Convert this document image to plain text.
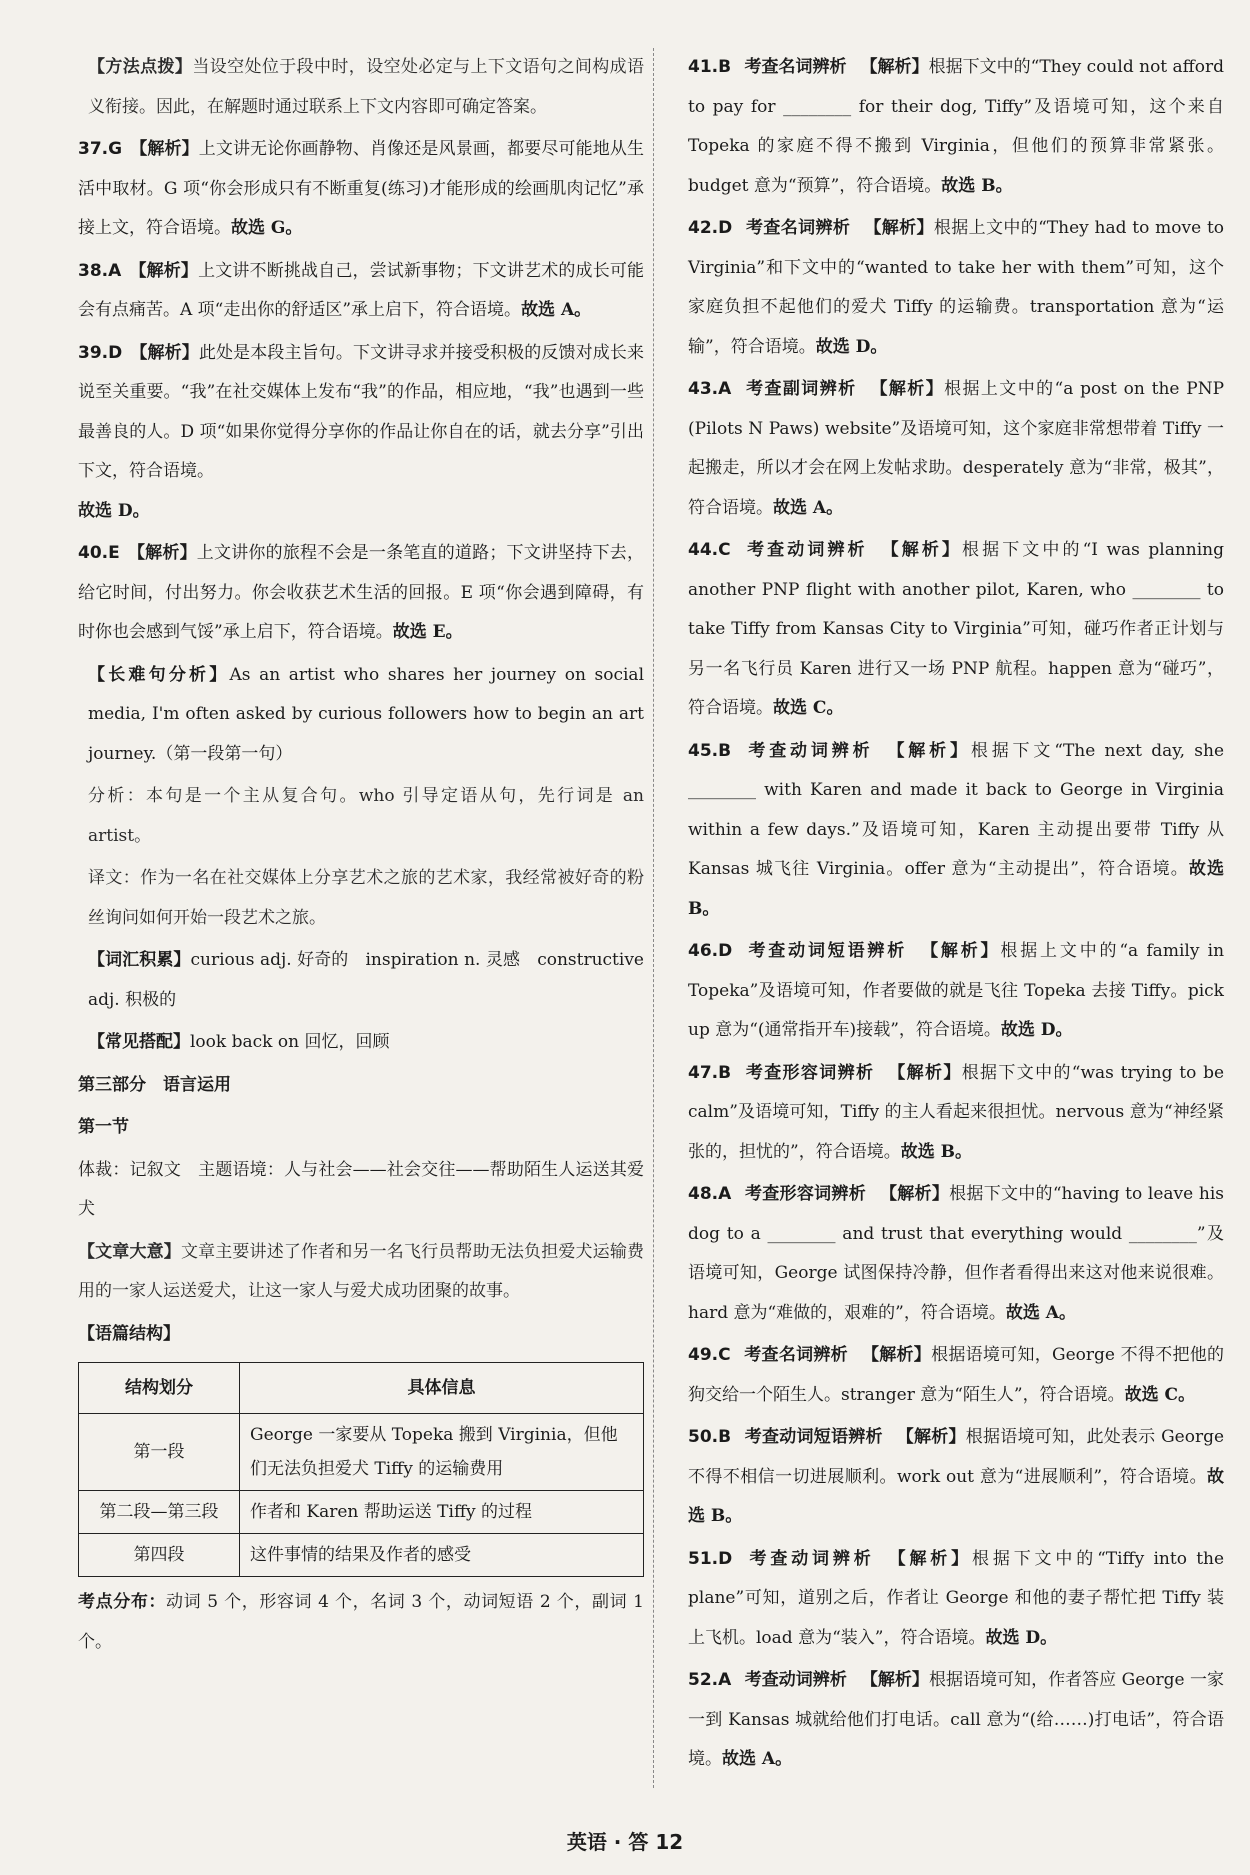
【方法点拨】当设空处位于段中时，设空处必定与上下文语句之间构成语义衔接。因此，在解题时通过联系上下文内容即可确定答案。

37.G 【解析】上文讲无论你画静物、肖像还是风景画，都要尽可能地从生活中取材。G 项“你会形成只有不断重复(练习)才能形成的绘画肌肉记忆”承接上文，符合语境。故选 G。

38.A 【解析】上文讲不断挑战自己，尝试新事物；下文讲艺术的成长可能会有点痛苦。A 项“走出你的舒适区”承上启下，符合语境。故选 A。

39.D 【解析】此处是本段主旨句。下文讲寻求并接受积极的反馈对成长来说至关重要。“我”在社交媒体上发布“我”的作品，相应地，“我”也遇到一些最善良的人。D 项“如果你觉得分享你的作品让你自在的话，就去分享”引出下文，符合语境。
故选 D。

40.E 【解析】上文讲你的旅程不会是一条笔直的道路；下文讲坚持下去，给它时间，付出努力。你会收获艺术生活的回报。E 项“你会遇到障碍，有时你也会感到气馁”承上启下，符合语境。故选 E。

【长难句分析】As an artist who shares her journey on social media, I'm often asked by curious followers how to begin an art journey.（第一段第一句）

分析：本句是一个主从复合句。who 引导定语从句，先行词是 an artist。

译文：作为一名在社交媒体上分享艺术之旅的艺术家，我经常被好奇的粉丝询问如何开始一段艺术之旅。

【词汇积累】curious adj. 好奇的　inspiration n. 灵感　constructive adj. 积极的

【常见搭配】look back on 回忆，回顾

第三部分　语言运用

第一节

体裁：记叙文　主题语境：人与社会——社会交往——帮助陌生人运送其爱犬

【文章大意】文章主要讲述了作者和另一名飞行员帮助无法负担爱犬运输费用的一家人运送爱犬，让这一家人与爱犬成功团聚的故事。

【语篇结构】

结构划分	具体信息
第一段	George 一家要从 Topeka 搬到 Virginia，但他们无法负担爱犬 Tiffy 的运输费用
第二段—第三段	作者和 Karen 帮助运送 Tiffy 的过程
第四段	这件事情的结果及作者的感受

考点分布：动词 5 个，形容词 4 个，名词 3 个，动词短语 2 个，副词 1 个。

41.B 考查名词辨析 【解析】根据下文中的“They could not afford to pay for ________ for their dog, Tiffy”及语境可知，这个来自 Topeka 的家庭不得不搬到 Virginia，但他们的预算非常紧张。budget 意为“预算”，符合语境。故选 B。

42.D 考查名词辨析 【解析】根据上文中的“They had to move to Virginia”和下文中的“wanted to take her with them”可知，这个家庭负担不起他们的爱犬 Tiffy 的运输费。transportation 意为“运输”，符合语境。故选 D。

43.A 考查副词辨析 【解析】根据上文中的“a post on the PNP (Pilots N Paws) website”及语境可知，这个家庭非常想带着 Tiffy 一起搬走，所以才会在网上发帖求助。desperately 意为“非常，极其”，符合语境。故选 A。

44.C 考查动词辨析 【解析】根据下文中的“I was planning another PNP flight with another pilot, Karen, who ________ to take Tiffy from Kansas City to Virginia”可知，碰巧作者正计划与另一名飞行员 Karen 进行又一场 PNP 航程。happen 意为“碰巧”，符合语境。故选 C。

45.B 考查动词辨析 【解析】根据下文“The next day, she ________ with Karen and made it back to George in Virginia within a few days.”及语境可知，Karen 主动提出要带 Tiffy 从 Kansas 城飞往 Virginia。offer 意为“主动提出”，符合语境。故选 B。

46.D 考查动词短语辨析 【解析】根据上文中的“a family in Topeka”及语境可知，作者要做的就是飞往 Topeka 去接 Tiffy。pick up 意为“(通常指开车)接载”，符合语境。故选 D。

47.B 考查形容词辨析 【解析】根据下文中的“was trying to be calm”及语境可知，Tiffy 的主人看起来很担忧。nervous 意为“神经紧张的，担忧的”，符合语境。故选 B。

48.A 考查形容词辨析 【解析】根据下文中的“having to leave his dog to a ________ and trust that everything would ________”及语境可知，George 试图保持冷静，但作者看得出来这对他来说很难。hard 意为“难做的，艰难的”，符合语境。故选 A。

49.C 考查名词辨析 【解析】根据语境可知，George 不得不把他的狗交给一个陌生人。stranger 意为“陌生人”，符合语境。故选 C。

50.B 考查动词短语辨析 【解析】根据语境可知，此处表示 George 不得不相信一切进展顺利。work out 意为“进展顺利”，符合语境。故选 B。

51.D 考查动词辨析 【解析】根据下文中的“Tiffy into the plane”可知，道别之后，作者让 George 和他的妻子帮忙把 Tiffy 装上飞机。load 意为“装入”，符合语境。故选 D。

52.A 考查动词辨析 【解析】根据语境可知，作者答应 George 一家一到 Kansas 城就给他们打电话。call 意为“(给……)打电话”，符合语境。故选 A。

英语 · 答 12
